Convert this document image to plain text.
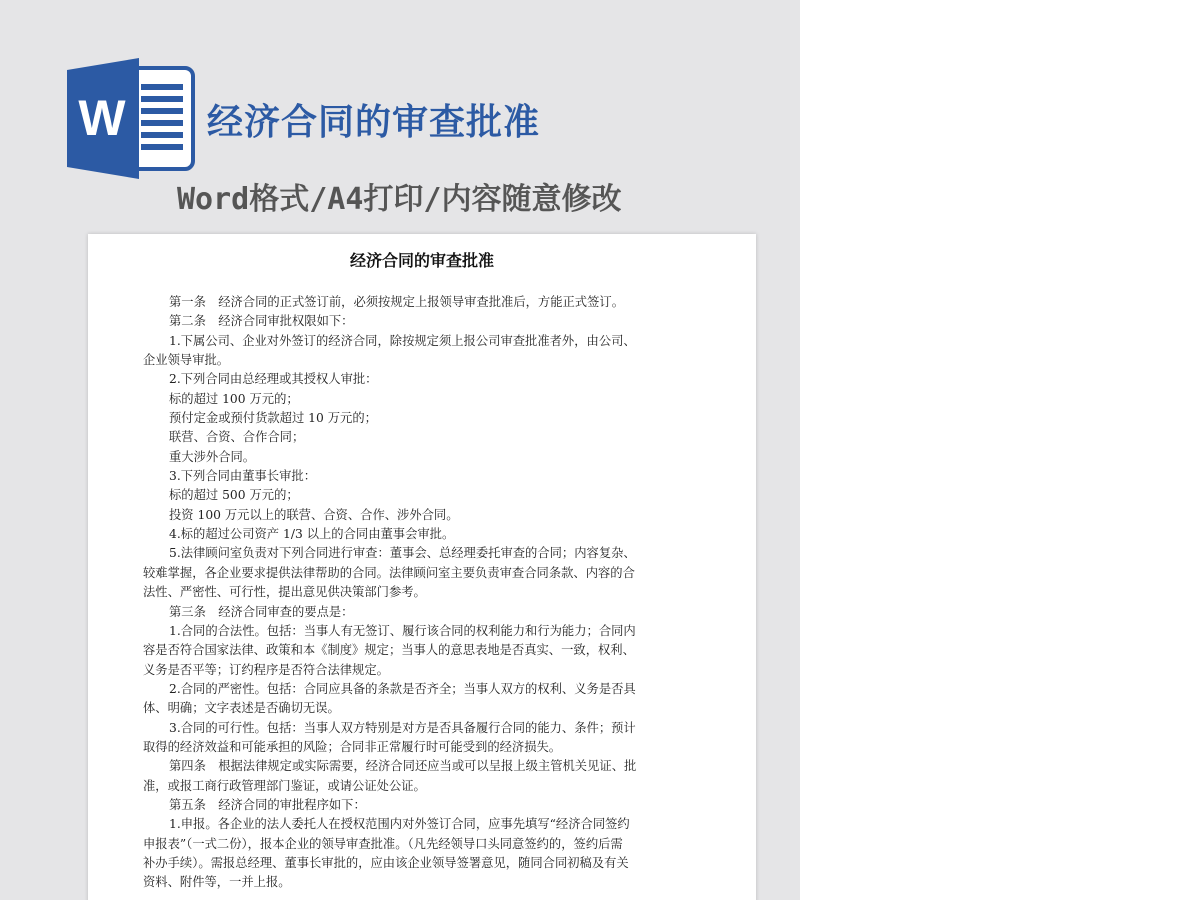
W 经济合同的审查批准
Word格式/A4打印/内容随意修改
经济合同的审查批准
第一条　经济合同的正式签订前，必须按规定上报领导审查批准后，方能正式签订。
第二条　经济合同审批权限如下：
1.下属公司、企业对外签订的经济合同，除按规定须上报公司审查批准者外，由公司、
企业领导审批。
2.下列合同由总经理或其授权人审批：
标的超过 100 万元的；
预付定金或预付货款超过 10 万元的；
联营、合资、合作合同；
重大涉外合同。
3.下列合同由董事长审批：
标的超过 500 万元的；
投资 100 万元以上的联营、合资、合作、涉外合同。
4.标的超过公司资产 1/3 以上的合同由董事会审批。
5.法律顾问室负责对下列合同进行审查：董事会、总经理委托审查的合同；内容复杂、
较难掌握，各企业要求提供法律帮助的合同。法律顾问室主要负责审查合同条款、内容的合
法性、严密性、可行性，提出意见供决策部门参考。
第三条　经济合同审查的要点是：
1.合同的合法性。包括：当事人有无签订、履行该合同的权利能力和行为能力；合同内
容是否符合国家法律、政策和本《制度》规定；当事人的意思表地是否真实、一致，权利、
义务是否平等；订约程序是否符合法律规定。
2.合同的严密性。包括：合同应具备的条款是否齐全；当事人双方的权利、义务是否具
体、明确；文字表述是否确切无误。
3.合同的可行性。包括：当事人双方特别是对方是否具备履行合同的能力、条件；预计
取得的经济效益和可能承担的风险；合同非正常履行时可能受到的经济损失。
第四条　根据法律规定或实际需要，经济合同还应当或可以呈报上级主管机关见证、批
准，或报工商行政管理部门鉴证，或请公证处公证。
第五条　经济合同的审批程序如下：
1.申报。各企业的法人委托人在授权范围内对外签订合同，应事先填写“经济合同签约
申报表”（一式二份），报本企业的领导审查批准。（凡先经领导口头同意签约的，签约后需
补办手续）。需报总经理、董事长审批的，应由该企业领导签署意见，随同合同初稿及有关
资料、附件等，一并上报。
